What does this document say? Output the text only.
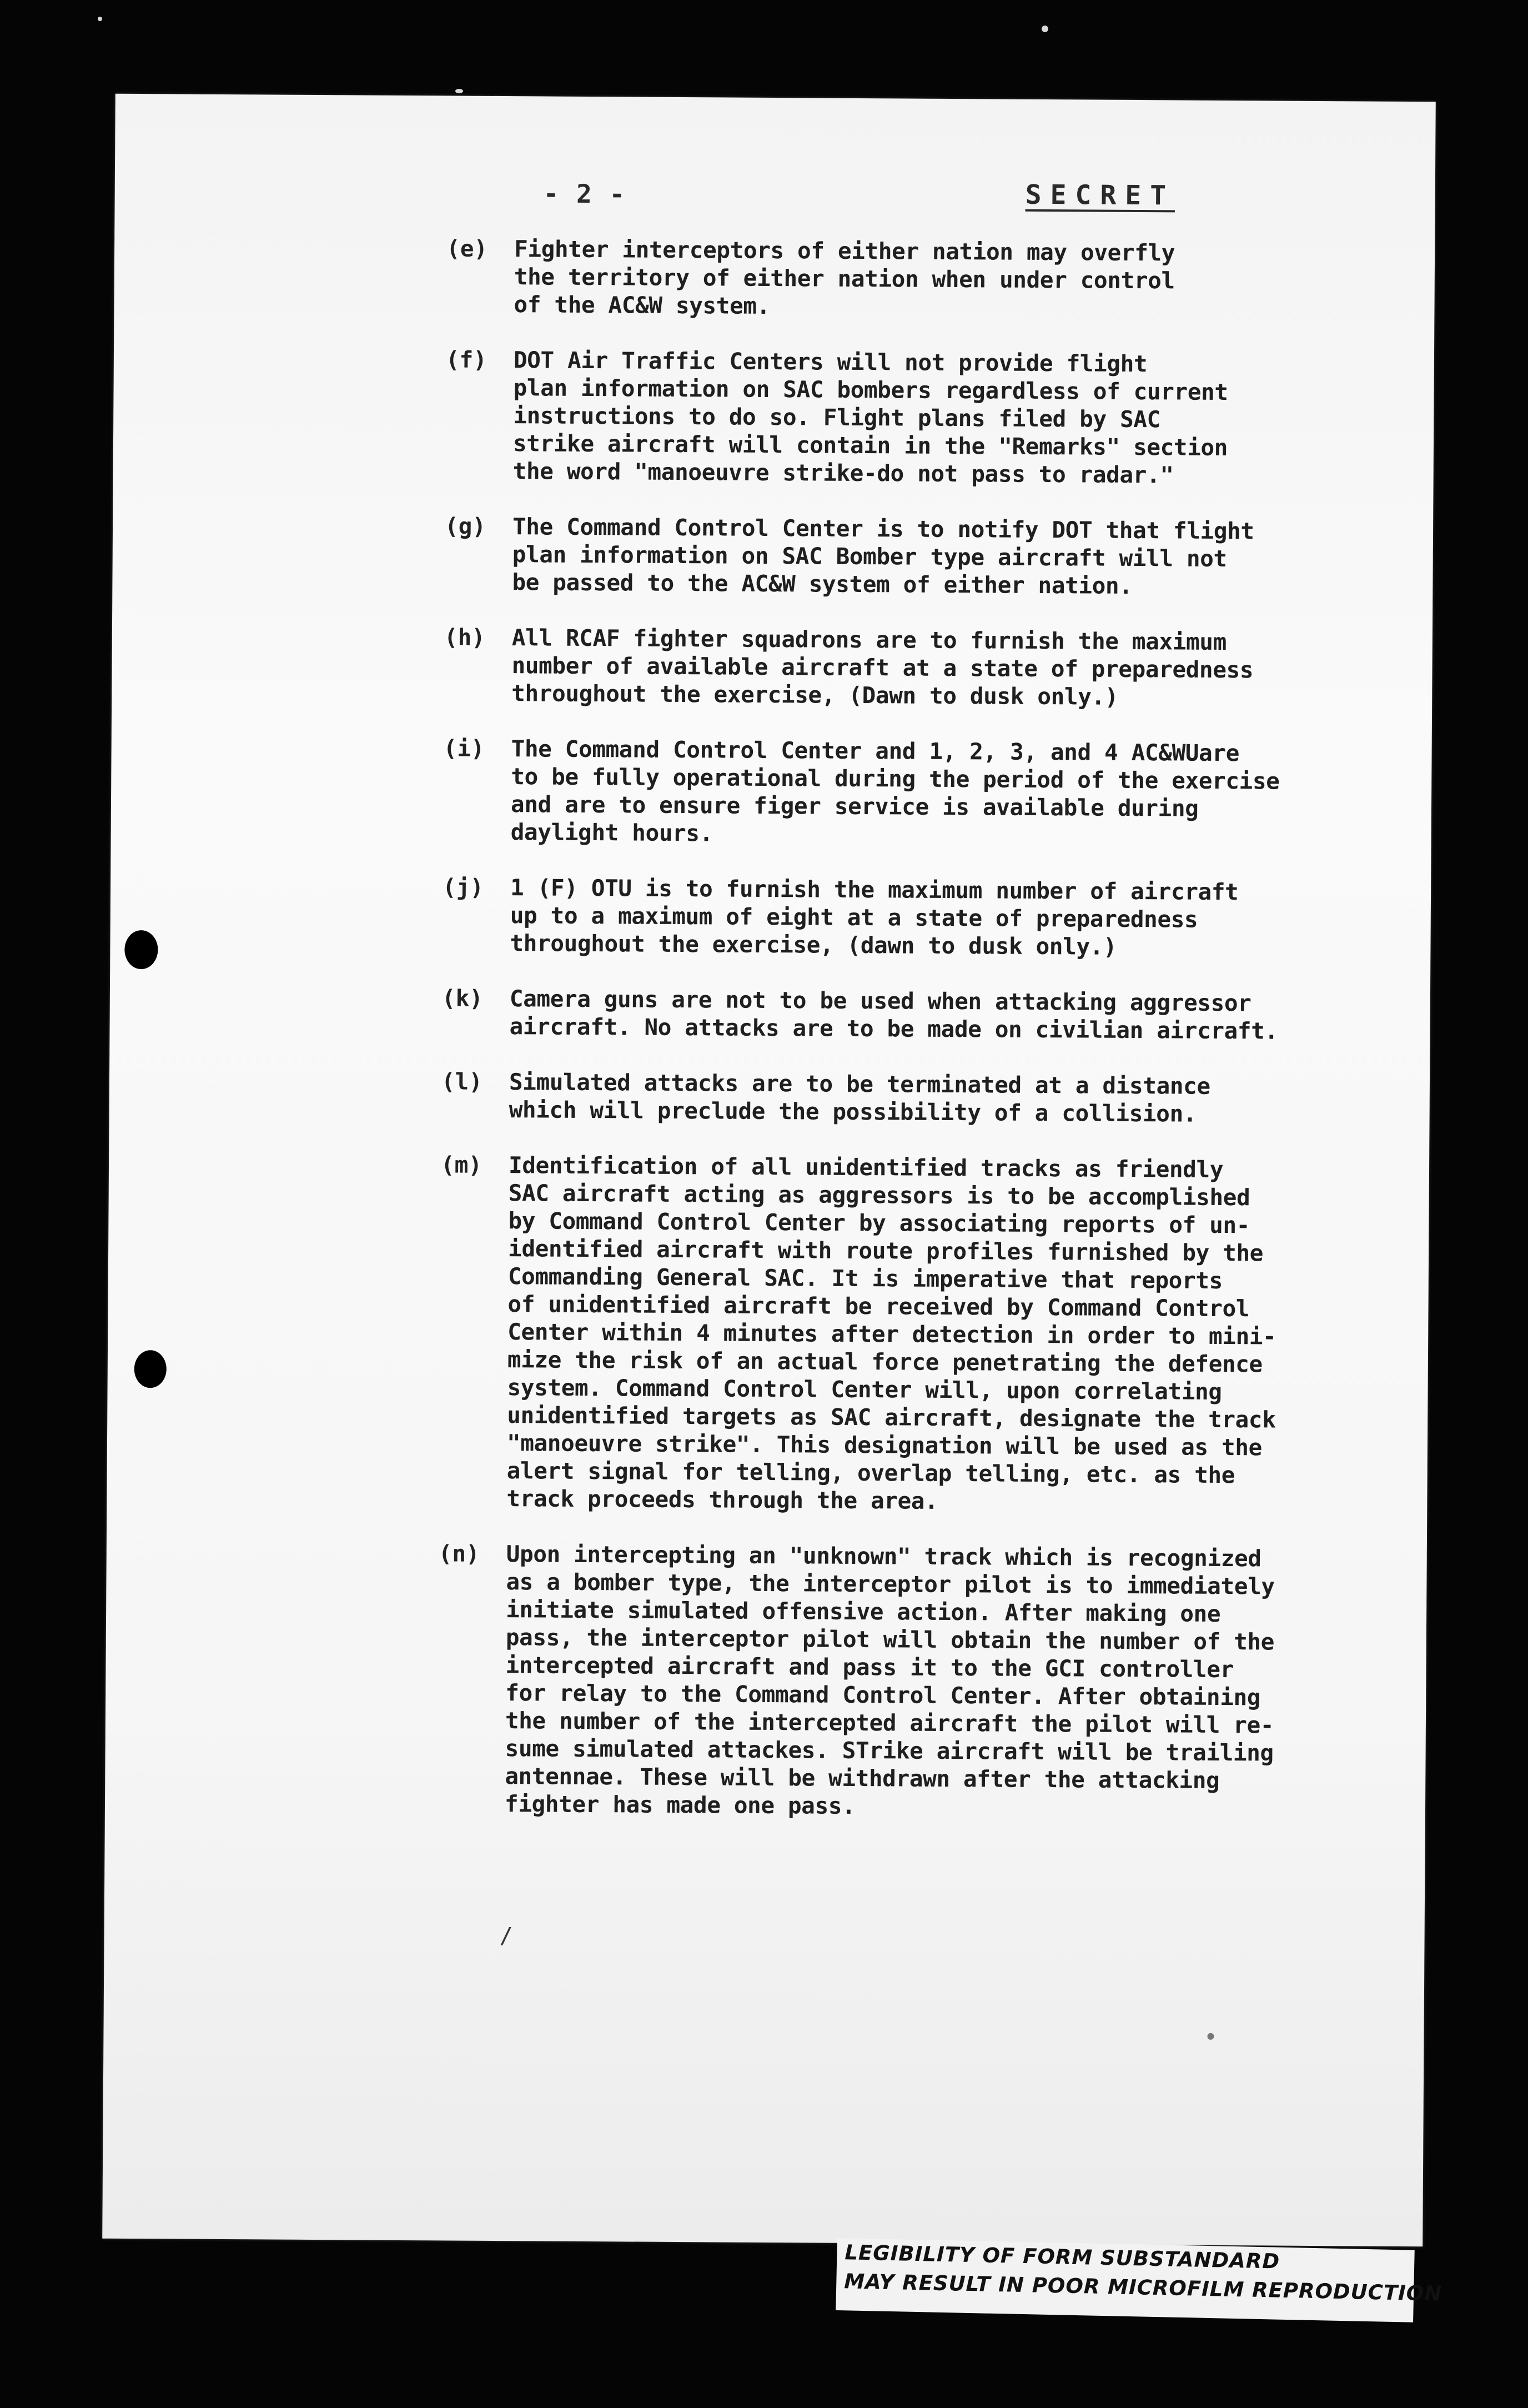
- 2 -	SECRET
(e) Fighter interceptors of either nation may overfly
the territory of either nation when under control
of the AC&W system.
(f) DOT Air Traffic Centers will not provide flight
plan information on SAC bombers regardless of current
instructions to do so. Flight plans filed by SAC
strike aircraft will contain in the "Remarks" section
the word "manoeuvre strike-do not pass to radar."
(g) The Command Control Center is to notify DOT that flight
plan information on SAC Bomber type aircraft will not
be passed to the AC&W system of either nation.
(h) All RCAF fighter squadrons are to furnish the maximum
number of available aircraft at a state of preparedness
throughout the exercise, (Dawn to dusk only.)
(i) The Command Control Center and 1, 2, 3, and 4 AC&WUare
to be fully operational during the period of the exercise
and are to ensure figer service is available during
daylight hours.
(j) 1 (F) OTU is to furnish the maximum number of aircraft
up to a maximum of eight at a state of preparedness
throughout the exercise, (dawn to dusk only.)
(k) Camera guns are not to be used when attacking aggressor
aircraft. No attacks are to be made on civilian aircraft.
(l) Simulated attacks are to be terminated at a distance
which will preclude the possibility of a collision.
(m) Identification of all unidentified tracks as friendly
SAC aircraft acting as aggressors is to be accomplished
by Command Control Center by associating reports of un-
identified aircraft with route profiles furnished by the
Commanding General SAC. It is imperative that reports
of unidentified aircraft be received by Command Control
Center within 4 minutes after detection in order to mini-
mize the risk of an actual force penetrating the defence
system. Command Control Center will, upon correlating
unidentified targets as SAC aircraft, designate the track
"manoeuvre strike". This designation will be used as the
alert signal for telling, overlap telling, etc. as the
track proceeds through the area.
(n) Upon intercepting an "unknown" track which is recognized
as a bomber type, the interceptor pilot is to immediately
initiate simulated offensive action. After making one
pass, the interceptor pilot will obtain the number of the
intercepted aircraft and pass it to the GCI controller
for relay to the Command Control Center. After obtaining
the number of the intercepted aircraft the pilot will re-
sume simulated attackes. STrike aircraft will be trailing
antennae. These will be withdrawn after the attacking
fighter has made one pass.
/
LEGIBILITY OF FORM SUBSTANDARD
MAY RESULT IN POOR MICROFILM REPRODUCTION
